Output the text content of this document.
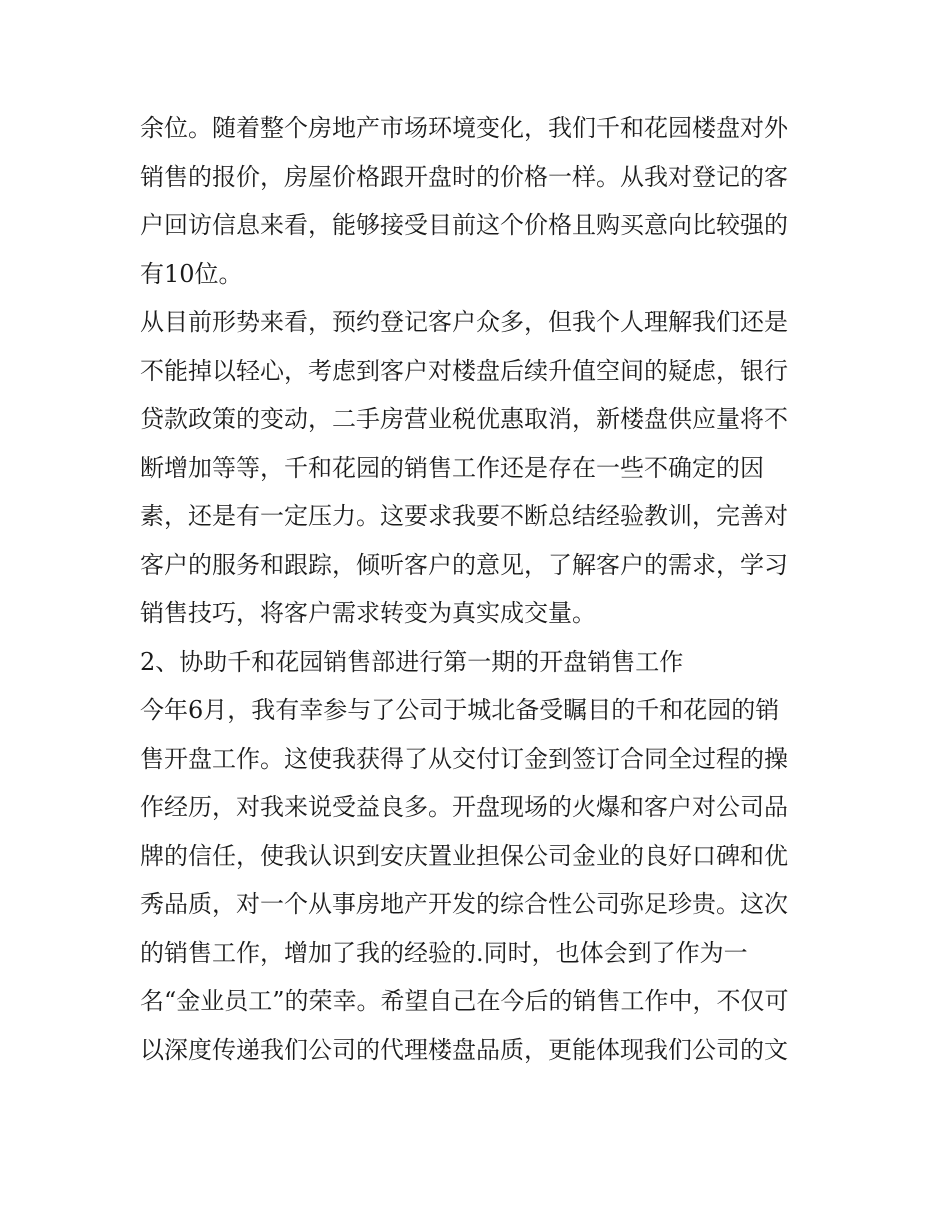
余位。随着整个房地产市场环境变化，我们千和花园楼盘对外
销售的报价，房屋价格跟开盘时的价格一样。从我对登记的客
户回访信息来看，能够接受目前这个价格且购买意向比较强的
有10位。
从目前形势来看，预约登记客户众多，但我个人理解我们还是
不能掉以轻心，考虑到客户对楼盘后续升值空间的疑虑，银行
贷款政策的变动，二手房营业税优惠取消，新楼盘供应量将不
断增加等等，千和花园的销售工作还是存在一些不确定的因
素，还是有一定压力。这要求我要不断总结经验教训，完善对
客户的服务和跟踪，倾听客户的意见，了解客户的需求，学习
销售技巧，将客户需求转变为真实成交量。
2、协助千和花园销售部进行第一期的开盘销售工作
今年6月，我有幸参与了公司于城北备受瞩目的千和花园的销
售开盘工作。这使我获得了从交付订金到签订合同全过程的操
作经历，对我来说受益良多。开盘现场的火爆和客户对公司品
牌的信任，使我认识到安庆置业担保公司金业的良好口碑和优
秀品质，对一个从事房地产开发的综合性公司弥足珍贵。这次
的销售工作，增加了我的经验的.同时，也体会到了作为一
名“金业员工”的荣幸。希望自己在今后的销售工作中，不仅可
以深度传递我们公司的代理楼盘品质，更能体现我们公司的文
